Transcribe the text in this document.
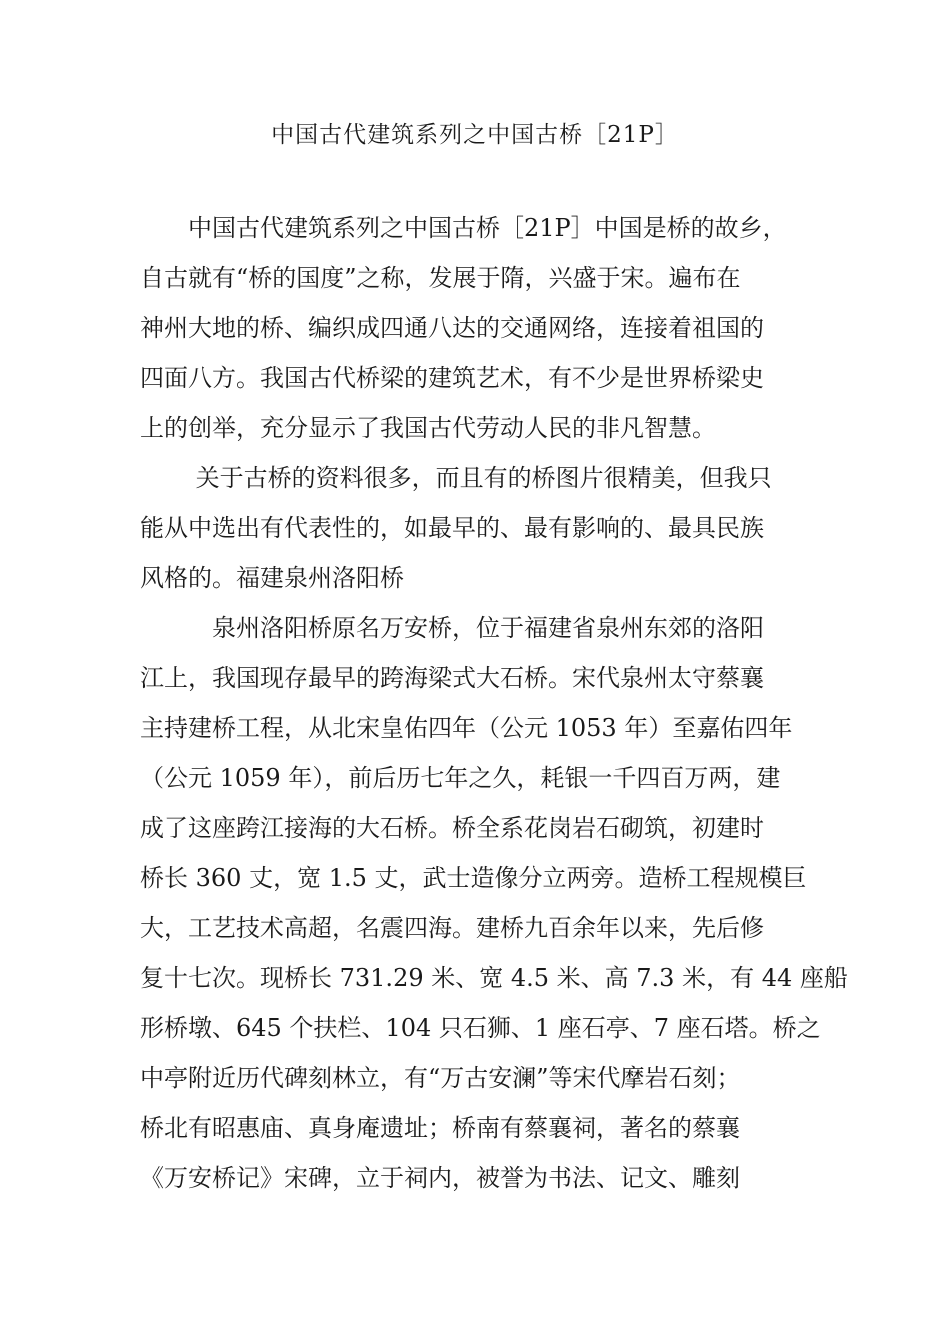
中国古代建筑系列之中国古桥［21P］

　　中国古代建筑系列之中国古桥［21P］中国是桥的故乡，
自古就有“桥的国度”之称，发展于隋，兴盛于宋。遍布在
神州大地的桥、编织成四通八达的交通网络，连接着祖国的
四面八方。我国古代桥梁的建筑艺术，有不少是世界桥梁史
上的创举，充分显示了我国古代劳动人民的非凡智慧。

　　 关于古桥的资料很多，而且有的桥图片很精美，但我只
能从中选出有代表性的，如最早的、最有影响的、最具民族
风格的。福建泉州洛阳桥

　　　泉州洛阳桥原名万安桥，位于福建省泉州东郊的洛阳
江上，我国现存最早的跨海梁式大石桥。宋代泉州太守蔡襄
主持建桥工程，从北宋皇佑四年（公元 1053 年）至嘉佑四年
（公元 1059 年），前后历七年之久，耗银一千四百万两，建
成了这座跨江接海的大石桥。桥全系花岗岩石砌筑，初建时
桥长 360 丈，宽 1.5 丈，武士造像分立两旁。造桥工程规模巨
大，工艺技术高超，名震四海。建桥九百余年以来，先后修
复十七次。现桥长 731.29 米、宽 4.5 米、高 7.3 米，有 44 座船
形桥墩、645 个扶栏、104 只石狮、1 座石亭、7 座石塔。桥之
中亭附近历代碑刻林立，有“万古安澜”等宋代摩岩石刻；
桥北有昭惠庙、真身庵遗址；桥南有蔡襄祠，著名的蔡襄
《万安桥记》宋碑，立于祠内，被誉为书法、记文、雕刻
